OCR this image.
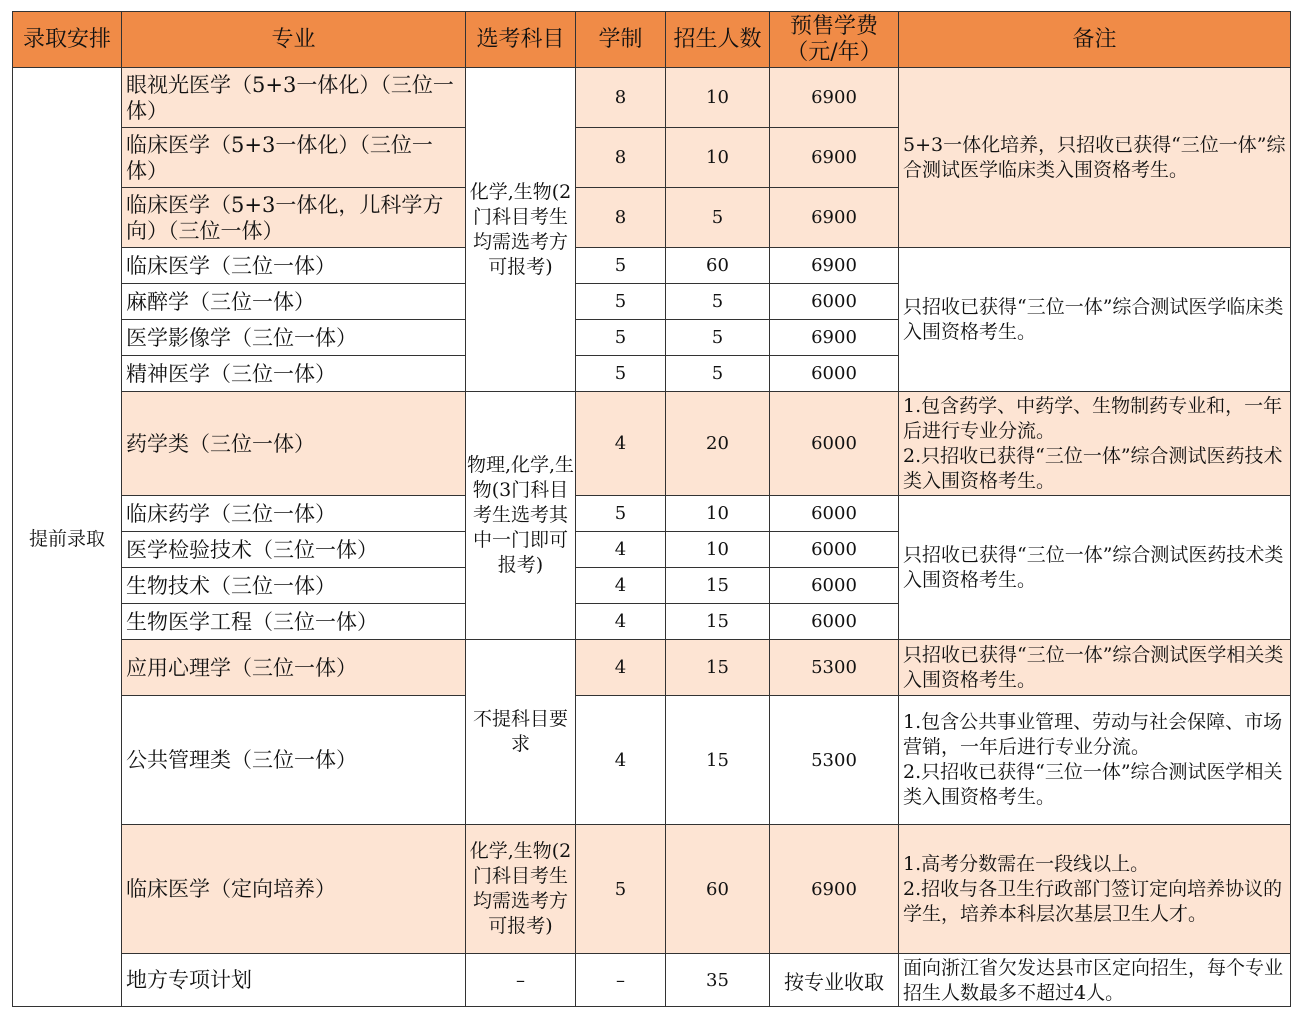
录取安排	专业	选考科目	学制	招生人数	预售学费（元/年）	备注
提前录取	眼视光医学（5+3一体化）（三位一体）	化学,生物(2门科目考生均需选考方可报考)	8	10	6900	5+3一体化培养，只招收已获得“三位一体”综合测试医学临床类入围资格考生。
	临床医学（5+3一体化）（三位一体）		8	10	6900	
	临床医学（5+3一体化，儿科学方向）（三位一体）		8	5	6900	
	临床医学（三位一体）		5	60	6900	只招收已获得“三位一体”综合测试医学临床类入围资格考生。
	麻醉学（三位一体）		5	5	6000	
	医学影像学（三位一体）		5	5	6900	
	精神医学（三位一体）		5	5	6000	
	药学类（三位一体）	物理,化学,生物(3门科目考生选考其中一门即可报考)	4	20	6000	1.包含药学、中药学、生物制药专业和，一年后进行专业分流。
2.只招收已获得“三位一体”综合测试医药技术类入围资格考生。
	临床药学（三位一体）		5	10	6000	只招收已获得“三位一体”综合测试医药技术类入围资格考生。
	医学检验技术（三位一体）		4	10	6000	
	生物技术（三位一体）		4	15	6000	
	生物医学工程（三位一体）		4	15	6000	
	应用心理学（三位一体）	不提科目要求	4	15	5300	只招收已获得“三位一体”综合测试医学相关类入围资格考生。
	公共管理类（三位一体）		4	15	5300	1.包含公共事业管理、劳动与社会保障、市场营销，一年后进行专业分流。
2.只招收已获得“三位一体”综合测试医学相关类入围资格考生。
	临床医学（定向培养）	化学,生物(2门科目考生均需选考方可报考)	5	60	6900	1.高考分数需在一段线以上。
2.招收与各卫生行政部门签订定向培养协议的学生，培养本科层次基层卫生人才。
	地方专项计划	–	–	35	按专业收取	面向浙江省欠发达县市区定向招生，每个专业招生人数最多不超过4人。
